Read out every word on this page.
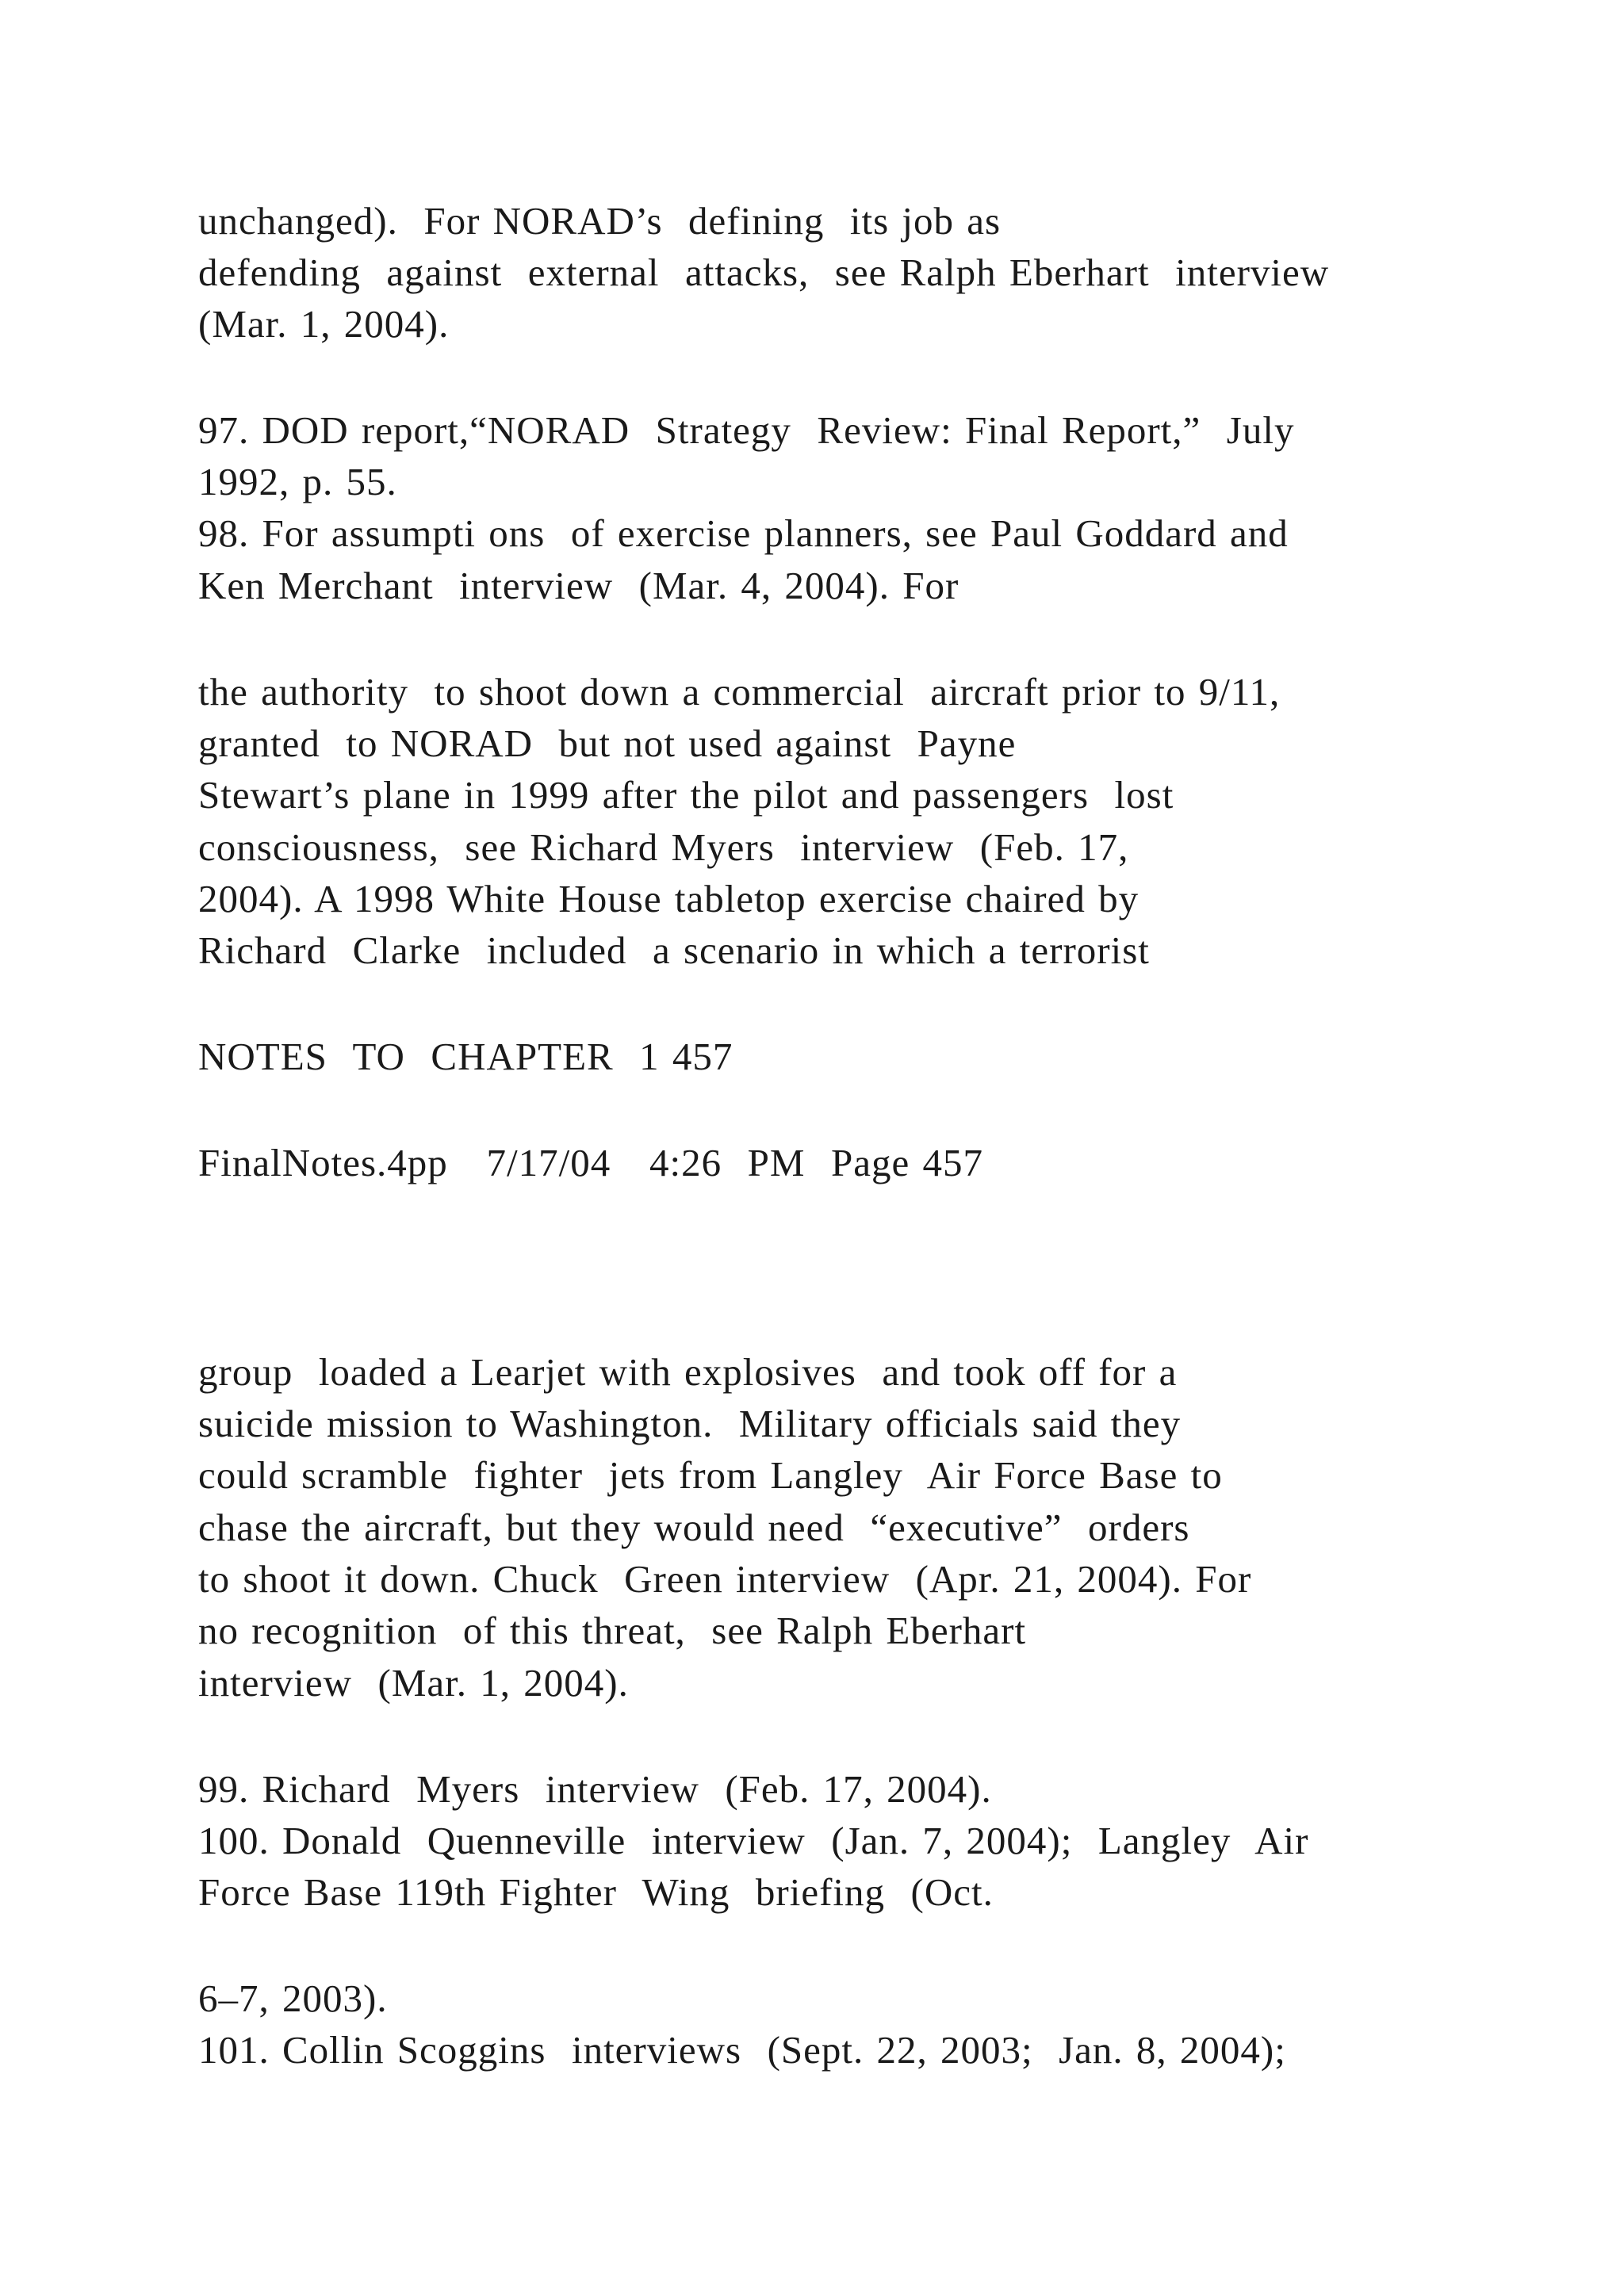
unchanged).  For NORAD’s  defining  its job as
defending  against  external  attacks,  see Ralph Eberhart  interview
(Mar. 1, 2004).
97. DOD report,“NORAD  Strategy  Review: Final Report,”  July
1992, p. 55.
98. For assumpti ons  of exercise planners, see Paul Goddard and
Ken Merchant  interview  (Mar. 4, 2004). For
the authority  to shoot down a commercial  aircraft prior to 9/11,
granted  to NORAD  but not used against  Payne
Stewart’s plane in 1999 after the pilot and passengers  lost
consciousness,  see Richard Myers  interview  (Feb. 17,
2004). A 1998 White House tabletop exercise chaired by
Richard  Clarke  included  a scenario in which a terrorist
NOTES  TO  CHAPTER  1 457
FinalNotes.4pp   7/17/04   4:26  PM  Page 457
group  loaded a Learjet with explosives  and took off for a
suicide mission to Washington.  Military officials said they
could scramble  fighter  jets from Langley  Air Force Base to
chase the aircraft, but they would need  “executive”  orders
to shoot it down. Chuck  Green interview  (Apr. 21, 2004). For
no recognition  of this threat,  see Ralph Eberhart
interview  (Mar. 1, 2004).
99. Richard  Myers  interview  (Feb. 17, 2004).
100. Donald  Quenneville  interview  (Jan. 7, 2004);  Langley  Air
Force Base 119th Fighter  Wing  briefing  (Oct.
6–7, 2003).
101. Collin Scoggins  interviews  (Sept. 22, 2003;  Jan. 8, 2004);
